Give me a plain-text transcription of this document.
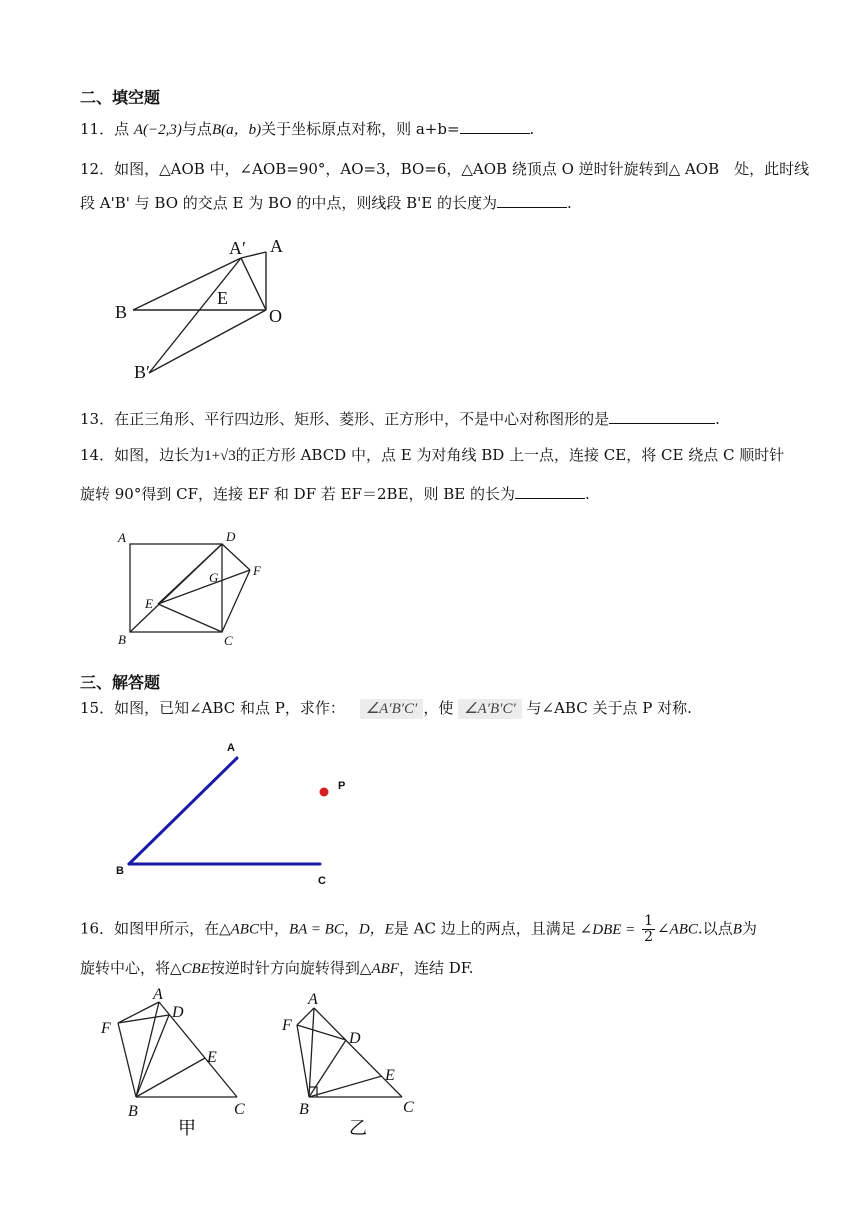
二、填空题
11．点 A(−2,3)与点B(a，b)关于坐标原点对称，则 a+b=	.
12．如图，△AOB 中，∠AOB=90°，AO=3，BO=6，△AOB 绕顶点 O 逆时针旋转到△ AOB　处，此时线
段 A'B' 与 BO 的交点 E 为 BO 的中点，则线段 B'E 的长度为	.
A′ A
B
E
O
B′
13．在正三角形、平行四边形、矩形、菱形、正方形中，不是中心对称图形的是	.
14．如图，边长为1+√3的正方形 ABCD 中，点 E 为对角线 BD 上一点，连接 CE，将 CE 绕点 C 顺时针
旋转 90°得到 CF，连接 EF 和 DF 若 EF＝2BE，则 BE 的长为	.
A	D
G	F
E
B	C
三、解答题
15．如图，已知∠ABC 和点 P，求作： ∠A′B′C′ ，使 ∠A′B′C′ 与∠ABC 关于点 P 对称.
A
P
B
C
16．如图甲所示，在△ABC中，BA = BC，D，E是 AC 边上的两点，且满足 ∠DBE = $\frac{1}{2}$ ∠ABC.以点B为
旋转中心，将△CBE按逆时针方向旋转得到△ABF，连结 DF.
A
D
F
E
B	C
甲
A
F
D
E
B	C
乙
